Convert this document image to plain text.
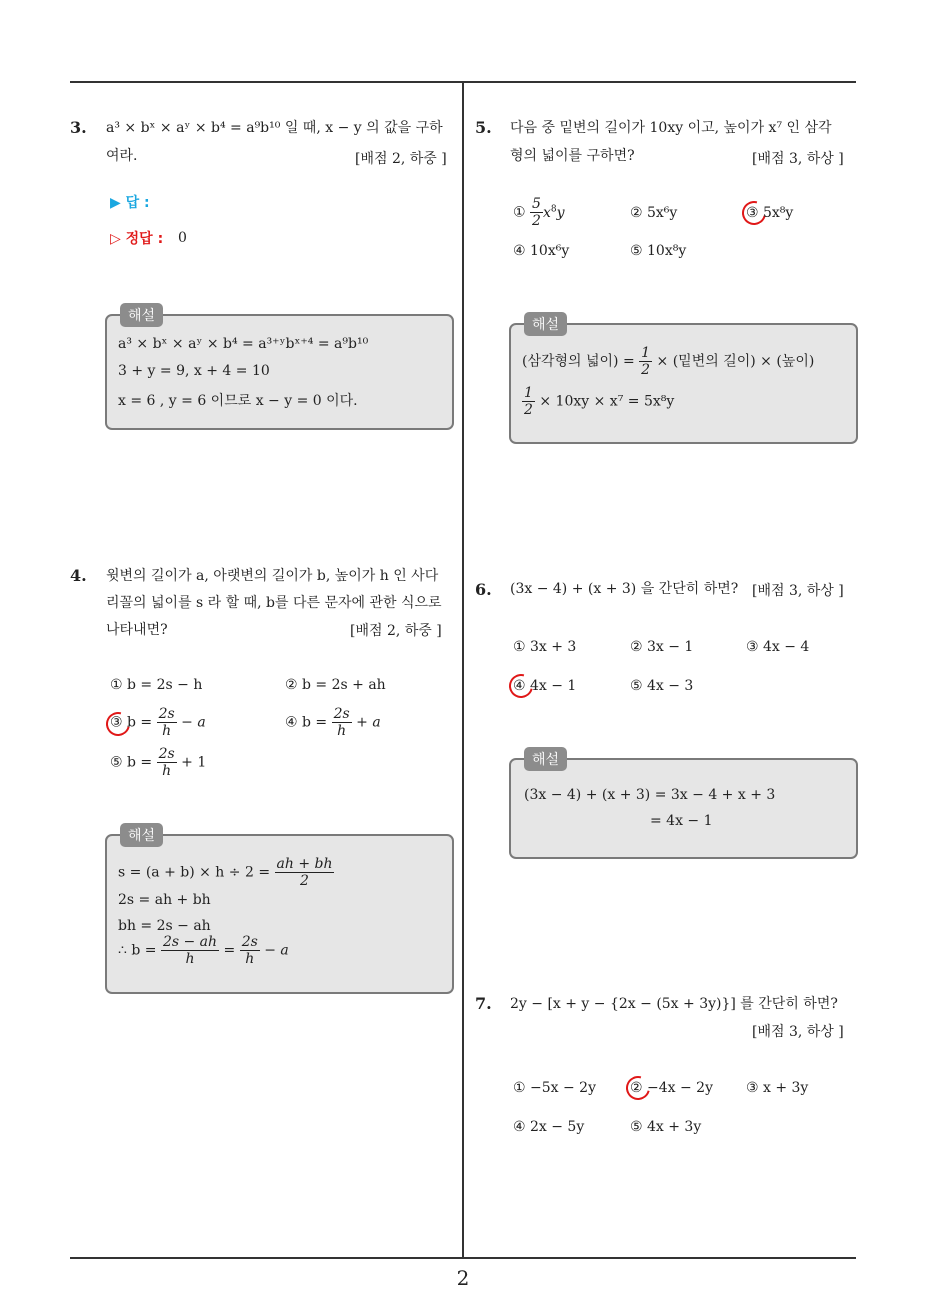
2
3. a³ × bˣ × aʸ × b⁴ = a⁹b¹⁰ 일 때, x − y 의 값을 구하
여라.	[배점 2, 하중 ]
▶ 답 :
▷ 정답 : 0
해설
a³ × bˣ × aʸ × b⁴ = a³⁺ʸbˣ⁺⁴ = a⁹b¹⁰
3 + y = 9, x + 4 = 10
x = 6 , y = 6 이므로 x − y = 0 이다.
4. 윗변의 길이가 a, 아랫변의 길이가 b, 높이가 h 인 사다
리꼴의 넓이를 s 라 할 때, b를 다른 문자에 관한 식으로
나타내면?	[배점 2, 하중 ]
① b = 2s − h	② b = 2s + ah
③ $b = \frac{2s}{h} - a$	④ $b = \frac{2s}{h} + a$
⑤ $b = \frac{2s}{h} + 1$
해설
$s = (a + b) \times h \div 2 = \frac{ah + bh}{2}$
2s = ah + bh
bh = 2s − ah
∴ $b = \frac{2s - ah}{h} = \frac{2s}{h} - a$
5. 다음 중 밑변의 길이가 10xy 이고, 높이가 x⁷ 인 삼각
형의 넓이를 구하면?	[배점 3, 하상 ]
① $\frac{5}{2} x^8y$	② 5x⁶y	③ 5x⁸y
④ 10x⁶y	⑤ 10x⁸y
해설
(삼각형의 넓이) = $\frac{1}{2}$ × (밑변의 길이) × (높이)
$\frac{1}{2} \times 10xy \times x^7 = 5x^8y$
6. (3x − 4) + (x + 3) 을 간단히 하면? [배점 3, 하상 ]
① 3x + 3	② 3x − 1	③ 4x − 4
④ 4x − 1	⑤ 4x − 3
해설
(3x − 4) + (x + 3) = 3x − 4 + x + 3
= 4x − 1
7. 2y − [x + y − {2x − (5x + 3y)}] 를 간단히 하면?
[배점 3, 하상 ]
① −5x − 2y ② −4x − 2y ③ x + 3y
④ 2x − 5y	⑤ 4x + 3y
